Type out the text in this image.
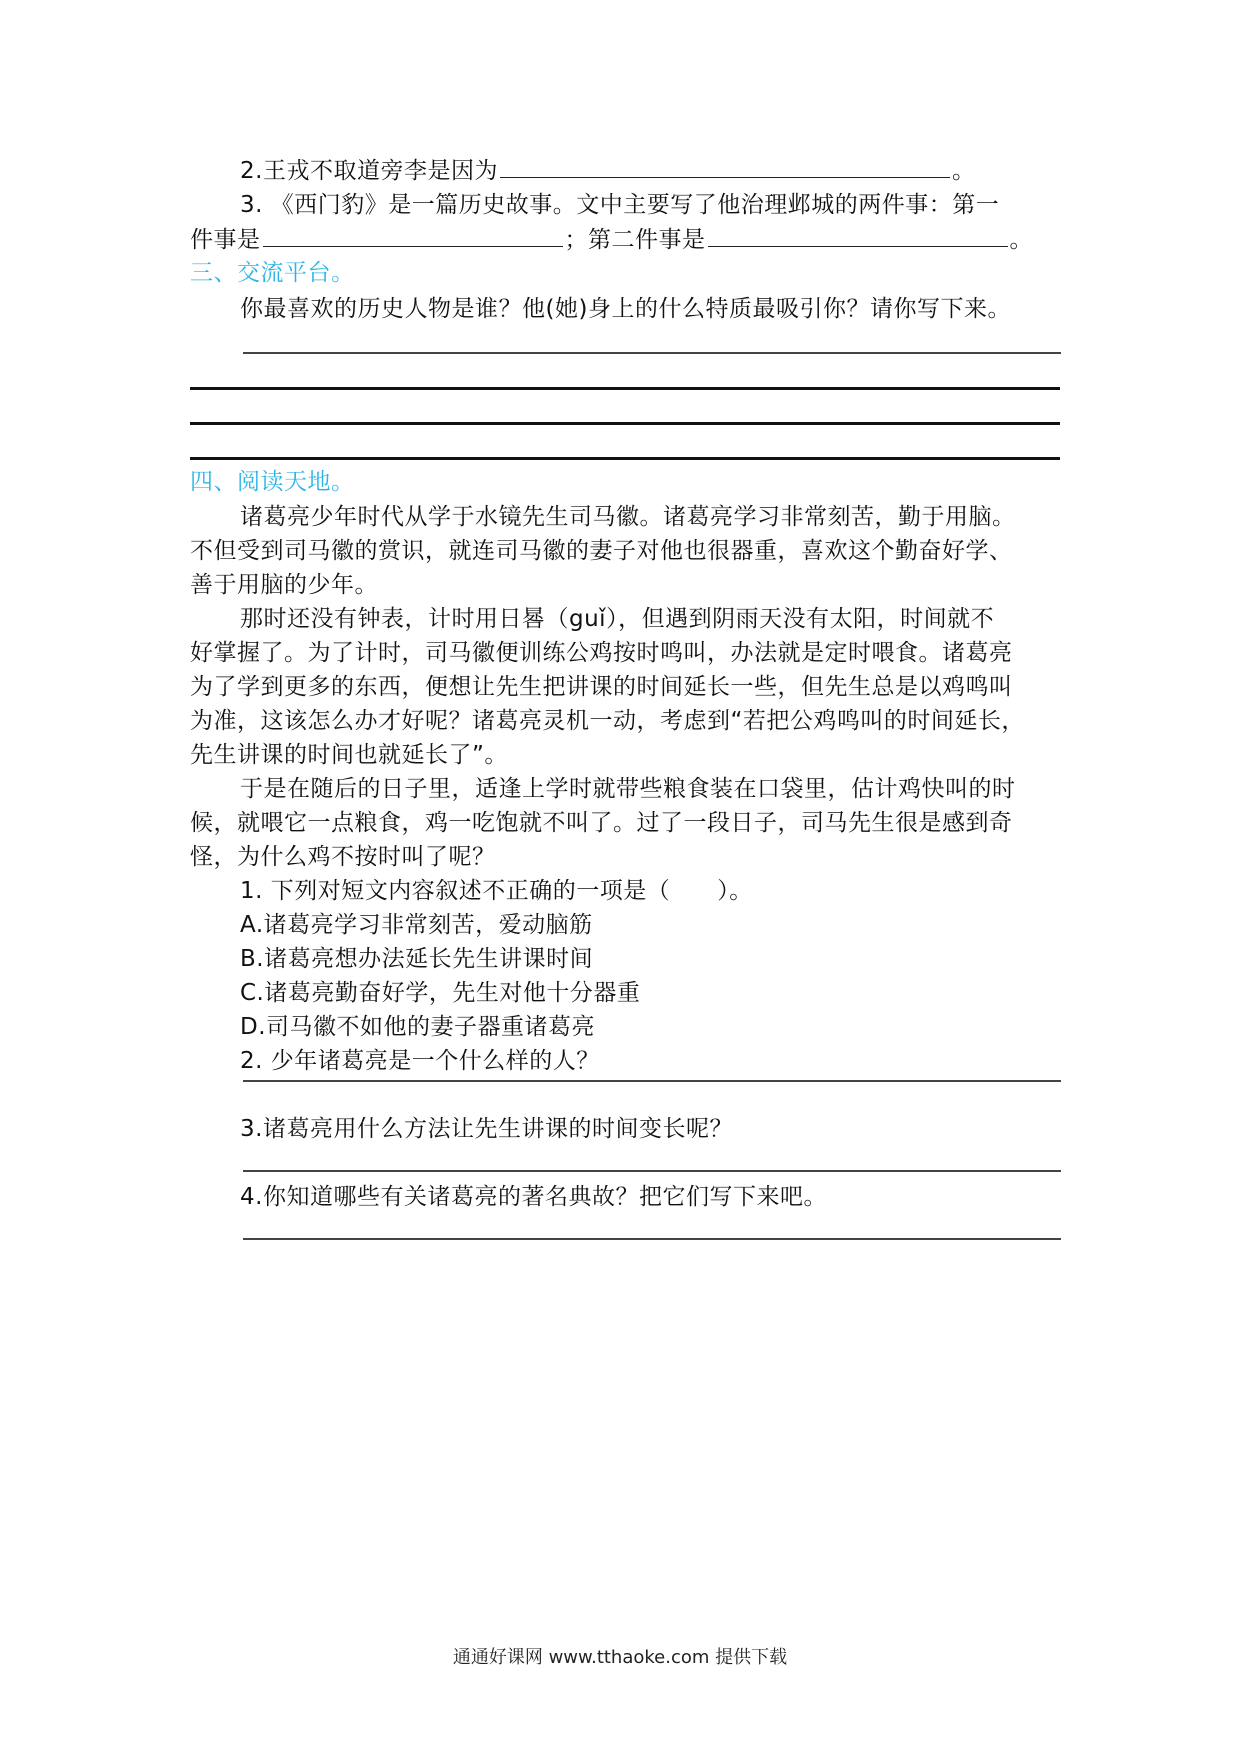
2.王戎不取道旁李是因为	。
3. 《西门豹》是一篇历史故事。文中主要写了他治理邺城的两件事：第一
件事是	；第二件事是	。
三、交流平台。
你最喜欢的历史人物是谁？他(她)身上的什么特质最吸引你？请你写下来。
四、阅读天地。
诸葛亮少年时代从学于水镜先生司马徽。诸葛亮学习非常刻苦，勤于用脑。
不但受到司马徽的赏识，就连司马徽的妻子对他也很器重，喜欢这个勤奋好学、
善于用脑的少年。
那时还没有钟表，计时用日晷（guǐ），但遇到阴雨天没有太阳，时间就不
好掌握了。为了计时，司马徽便训练公鸡按时鸣叫，办法就是定时喂食。诸葛亮
为了学到更多的东西，便想让先生把讲课的时间延长一些，但先生总是以鸡鸣叫
为准，这该怎么办才好呢？诸葛亮灵机一动，考虑到“若把公鸡鸣叫的时间延长，
先生讲课的时间也就延长了”。
于是在随后的日子里，适逢上学时就带些粮食装在口袋里，估计鸡快叫的时
候，就喂它一点粮食，鸡一吃饱就不叫了。过了一段日子，司马先生很是感到奇
怪，为什么鸡不按时叫了呢？
1. 下列对短文内容叙述不正确的一项是（　　）。
A.诸葛亮学习非常刻苦，爱动脑筋
B.诸葛亮想办法延长先生讲课时间
C.诸葛亮勤奋好学，先生对他十分器重
D.司马徽不如他的妻子器重诸葛亮
2. 少年诸葛亮是一个什么样的人？
3.诸葛亮用什么方法让先生讲课的时间变长呢？
4.你知道哪些有关诸葛亮的著名典故？把它们写下来吧。
通通好课网 www.tthaoke.com 提供下载
